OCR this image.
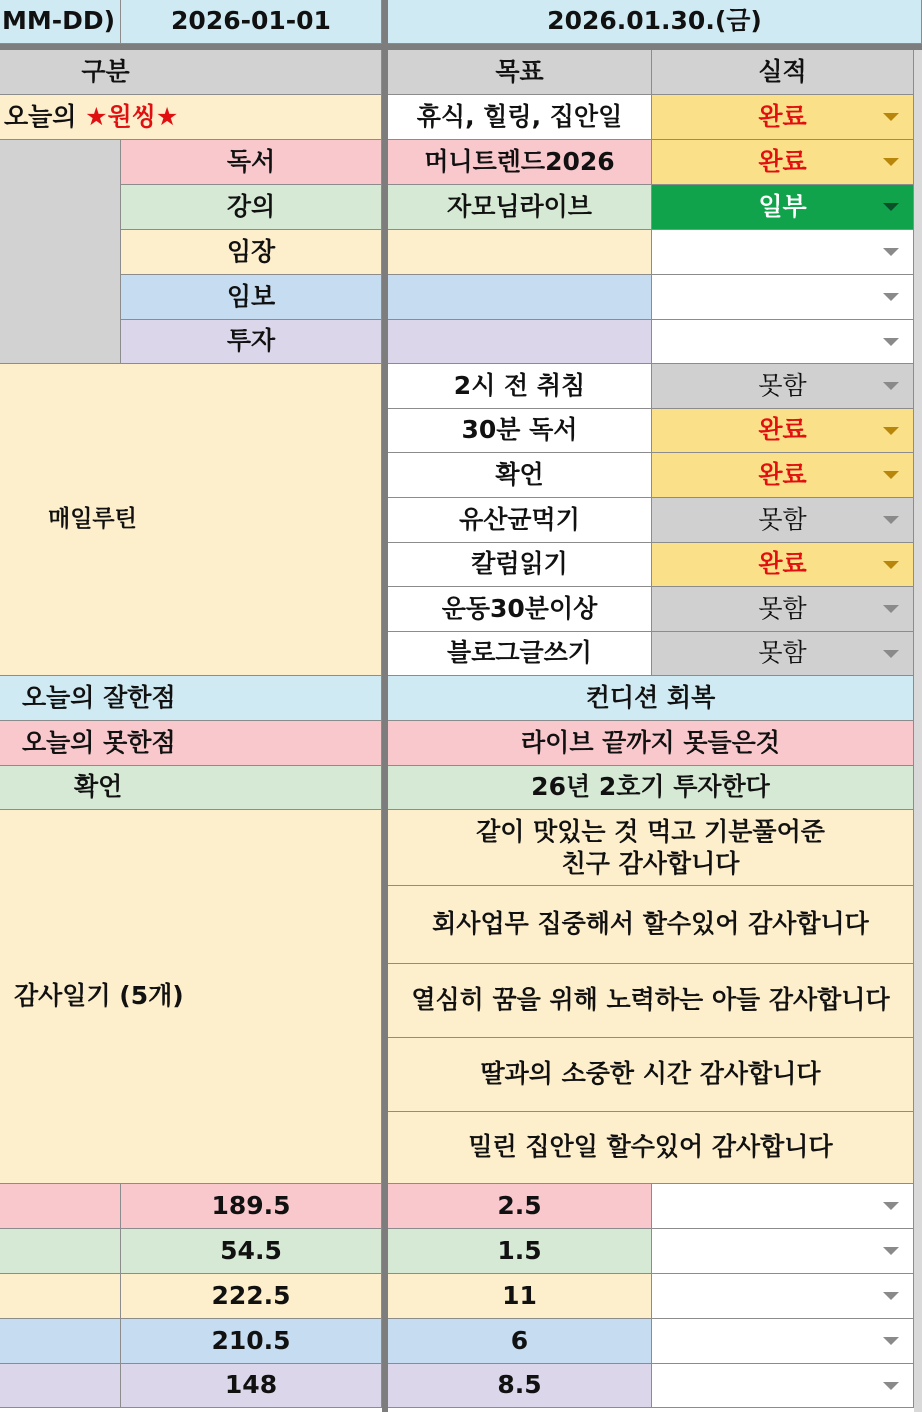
MM-DD) 2026-01-01	2026.01.30.(금)
구분	목표	실적
오늘의 ★원씽★	휴식, 힐링, 집안일	완료
독서	머니트렌드2026	완료
강의	자모님라이브	일부
임장
임보
투자
매일루틴
2시 전 취침	못함
30분 독서	완료
확언	완료
유산균먹기	못함
칼럼읽기	완료
운동30분이상	못함
블로그글쓰기	못함
오늘의 잘한점	컨디션 회복
오늘의 못한점	라이브 끝까지 못들은것
확언	26년 2호기 투자한다
감사일기 (5개)
같이 맛있는 것 먹고 기분풀어준
친구 감사합니다
회사업무 집중해서 할수있어 감사합니다
열심히 꿈을 위해 노력하는 아들 감사합니다
딸과의 소중한 시간 감사합니다
밀린 집안일 할수있어 감사합니다
189.5	2.5
54.5	1.5
222.5	11
210.5	6
148	8.5
